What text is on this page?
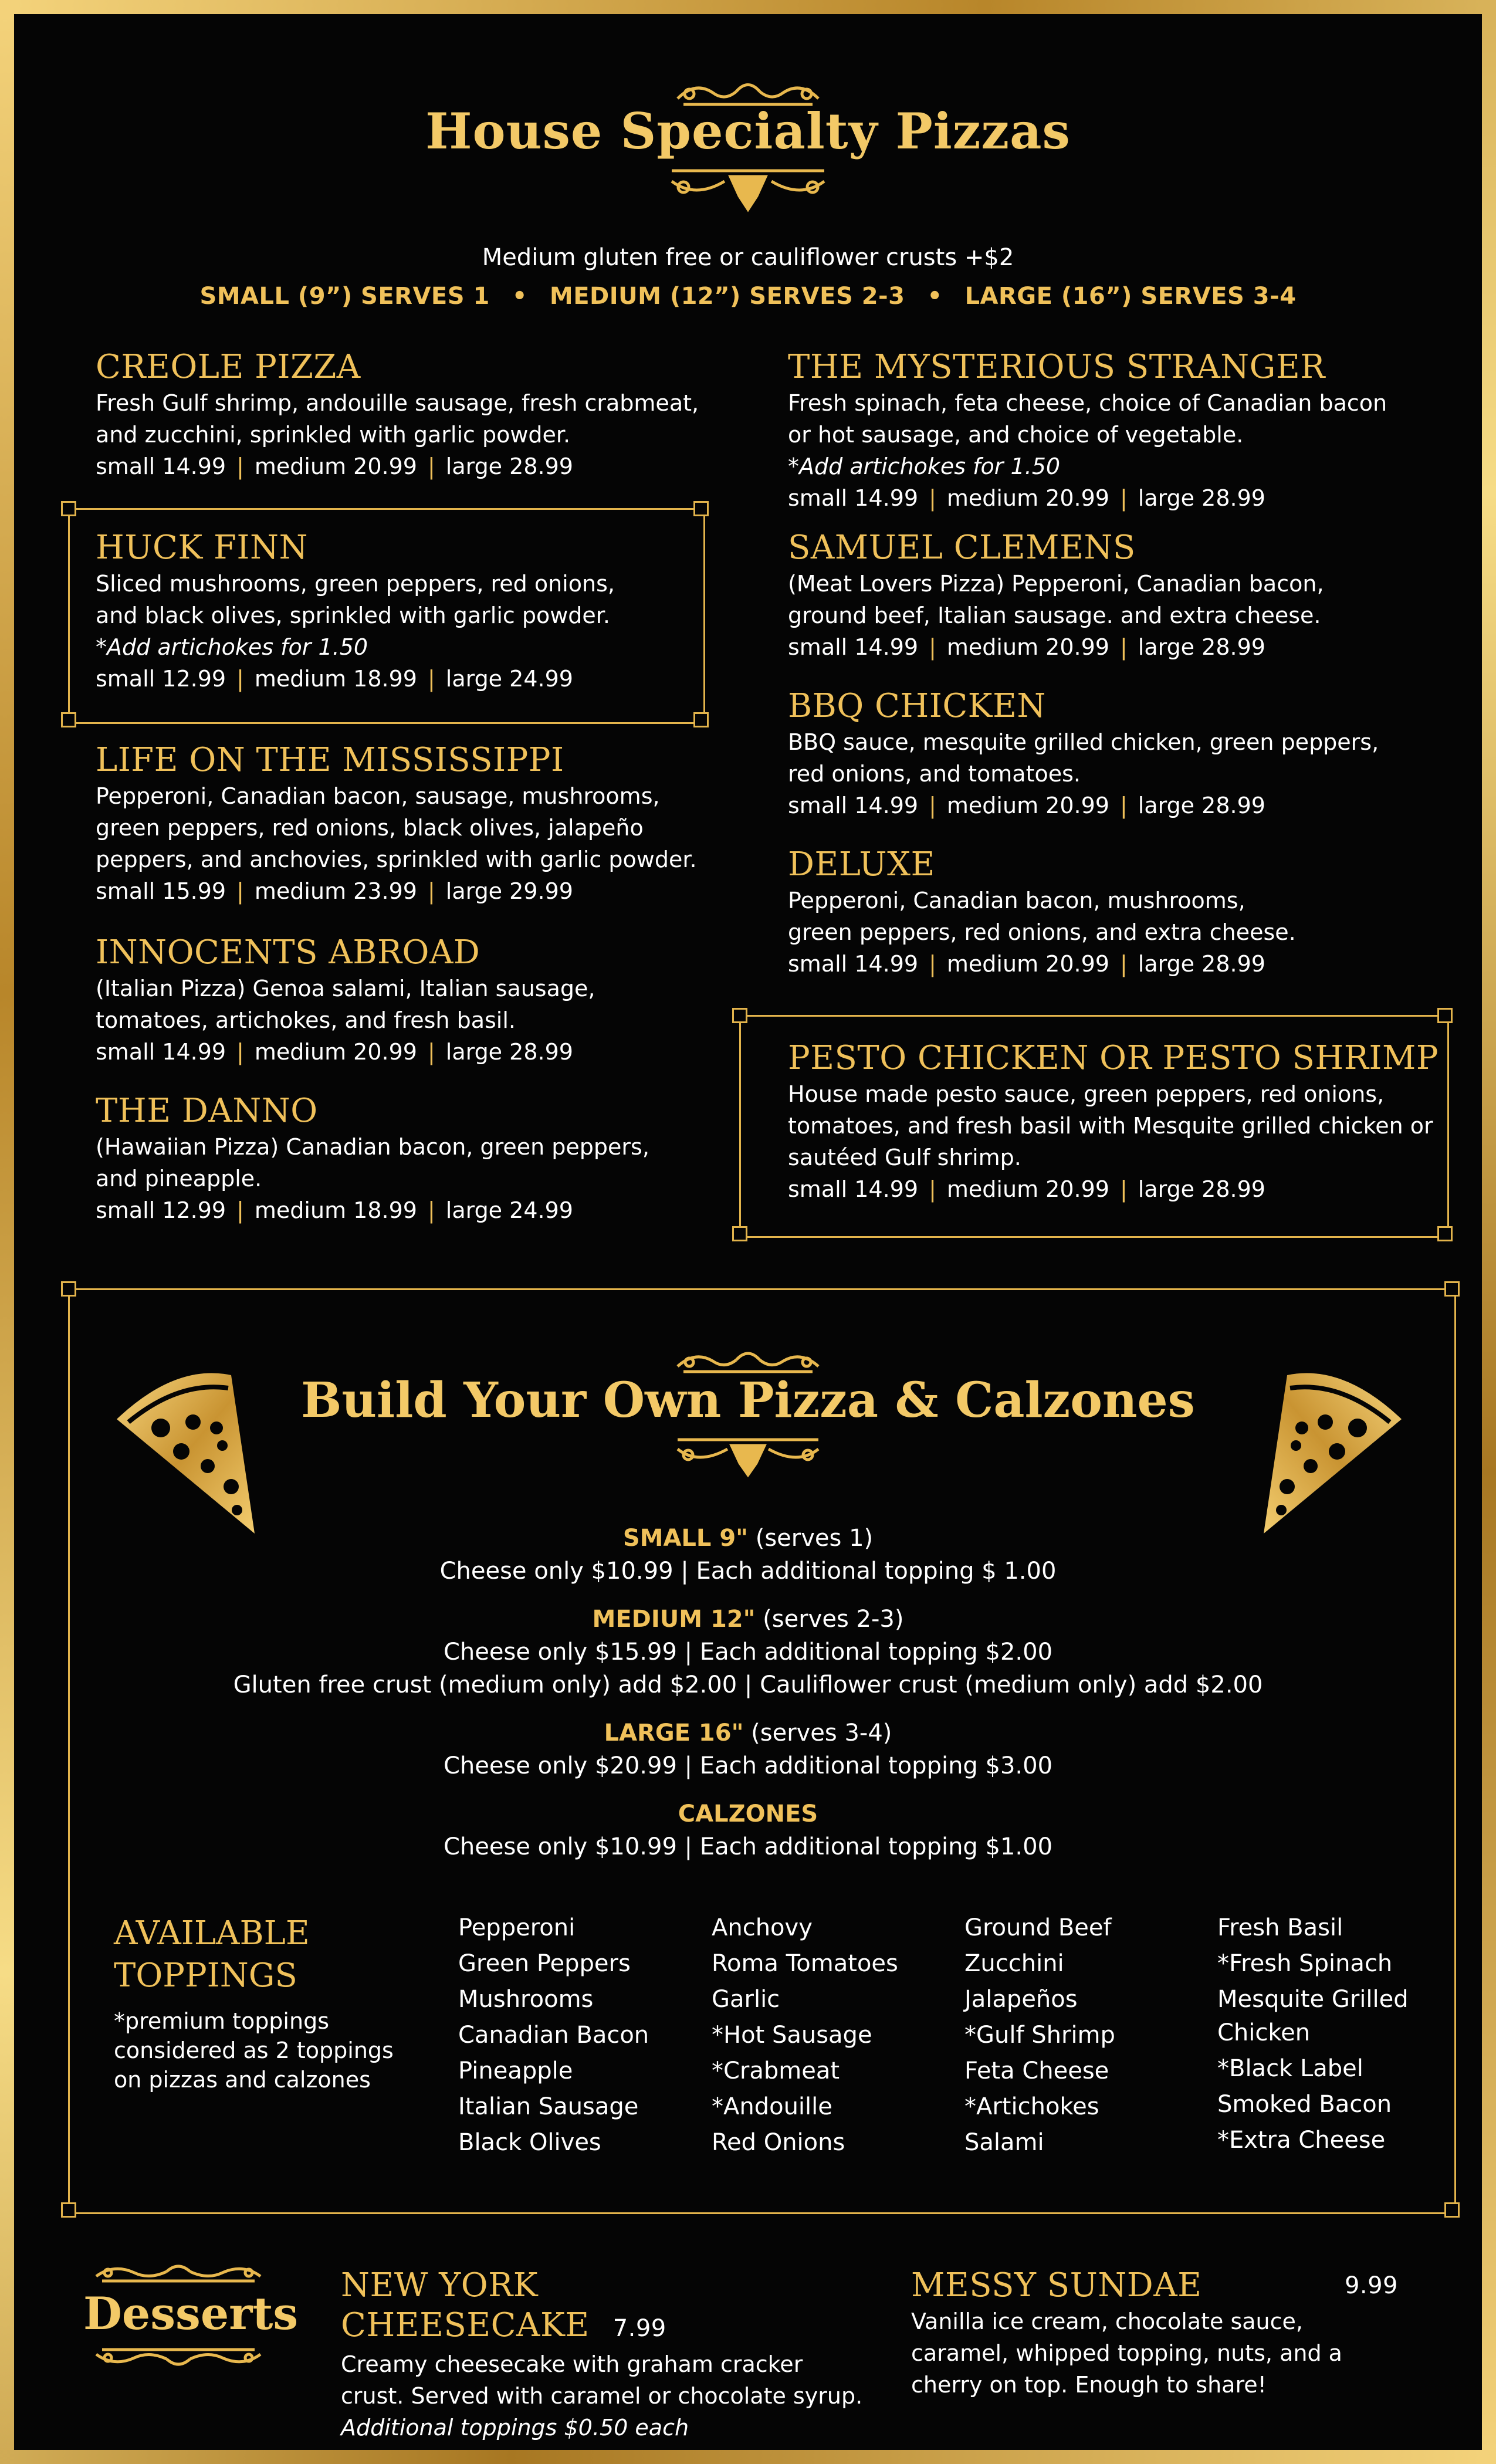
House Specialty Pizzas
Medium gluten free or cauliflower crusts +$2
SMALL (9”) SERVES 1 • MEDIUM (12”) SERVES 2-3 • LARGE (16”) SERVES 3-4
CREOLE PIZZA

Fresh Gulf shrimp, andouille sausage, fresh crabmeat,

and zucchini, sprinkled with garlic powder.

small 14.99 | medium 20.99 | large 28.99
HUCK FINN

Sliced mushrooms, green peppers, red onions,

and black olives, sprinkled with garlic powder.

*Add artichokes for 1.50

small 12.99 | medium 18.99 | large 24.99
LIFE ON THE MISSISSIPPI

Pepperoni, Canadian bacon, sausage, mushrooms,

green peppers, red onions, black olives, jalapeño

peppers, and anchovies, sprinkled with garlic powder.

small 15.99 | medium 23.99 | large 29.99
INNOCENTS ABROAD

(Italian Pizza) Genoa salami, Italian sausage,

tomatoes, artichokes, and fresh basil.

small 14.99 | medium 20.99 | large 28.99
THE DANNO

(Hawaiian Pizza) Canadian bacon, green peppers,

and pineapple.

small 12.99 | medium 18.99 | large 24.99
THE MYSTERIOUS STRANGER

Fresh spinach, feta cheese, choice of Canadian bacon

or hot sausage, and choice of vegetable.

*Add artichokes for 1.50

small 14.99 | medium 20.99 | large 28.99
SAMUEL CLEMENS

(Meat Lovers Pizza) Pepperoni, Canadian bacon,

ground beef, Italian sausage. and extra cheese.

small 14.99 | medium 20.99 | large 28.99
BBQ CHICKEN

BBQ sauce, mesquite grilled chicken, green peppers,

red onions, and tomatoes.

small 14.99 | medium 20.99 | large 28.99
DELUXE

Pepperoni, Canadian bacon, mushrooms,

green peppers, red onions, and extra cheese.

small 14.99 | medium 20.99 | large 28.99
PESTO CHICKEN OR PESTO SHRIMP

House made pesto sauce, green peppers, red onions,

tomatoes, and fresh basil with Mesquite grilled chicken or

sautéed Gulf shrimp.

small 14.99 | medium 20.99 | large 28.99
Build Your Own Pizza & Calzones
SMALL 9" (serves 1)
Cheese only $10.99 | Each additional topping $ 1.00
MEDIUM 12" (serves 2-3)
Cheese only $15.99 | Each additional topping $2.00
Gluten free crust (medium only) add $2.00 | Cauliflower crust (medium only) add $2.00
LARGE 16" (serves 3-4)
Cheese only $20.99 | Each additional topping $3.00
CALZONES
Cheese only $10.99 | Each additional topping $1.00
AVAILABLE
TOPPINGS
*premium toppings
considered as 2 toppings
on pizzas and calzones
Pepperoni
Green Peppers
Mushrooms
Canadian Bacon
Pineapple
Italian Sausage
Black Olives
Anchovy
Roma Tomatoes
Garlic
*Hot Sausage
*Crabmeat
*Andouille
Red Onions
Ground Beef
Zucchini
Jalapeños
*Gulf Shrimp
Feta Cheese
*Artichokes
Salami
Fresh Basil
*Fresh Spinach
Mesquite Grilled
Chicken
*Black Label
Smoked Bacon
*Extra Cheese
Desserts
NEW YORK CHEESECAKE 7.99

Creamy cheesecake with graham cracker

crust. Served with caramel or chocolate syrup.

Additional toppings $0.50 each

MESSY SUNDAE	9.99

Vanilla ice cream, chocolate sauce,

caramel, whipped topping, nuts, and a

cherry on top. Enough to share!
